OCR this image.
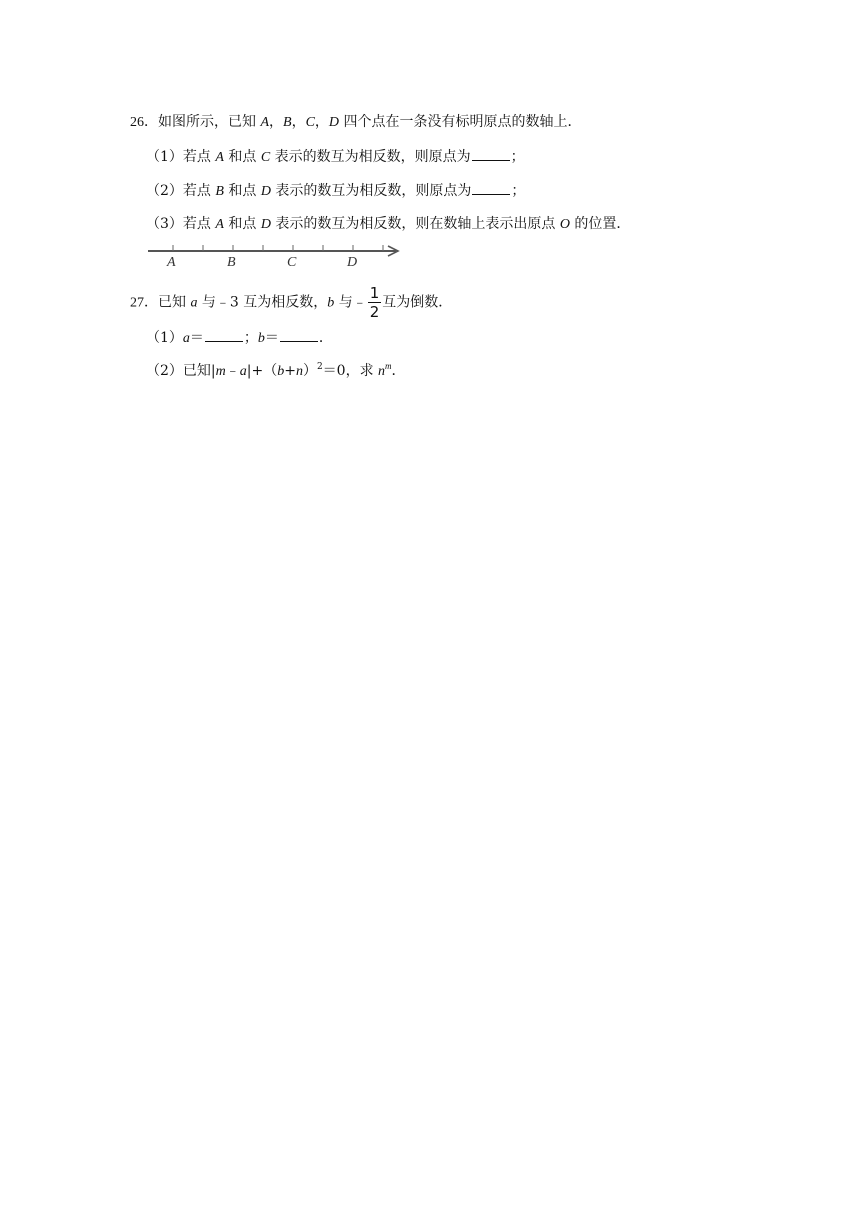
26．如图所示，已知 A，B，C，D 四个点在一条没有标明原点的数轴上．
（1）若点 A 和点 C 表示的数互为相反数，则原点为	；
（2）若点 B 和点 D 表示的数互为相反数，则原点为	；
（3）若点 A 和点 D 表示的数互为相反数，则在数轴上表示出原点 O 的位置．
A	B	C	D
27．已知 a 与﹣3 互为相反数，b 与﹣ $\frac{1}{2}$ 互为倒数．
（1）a＝	；b＝	．
（2）已知$|m﹣a|+(b+n)^2=0$，求 $n^m$．
